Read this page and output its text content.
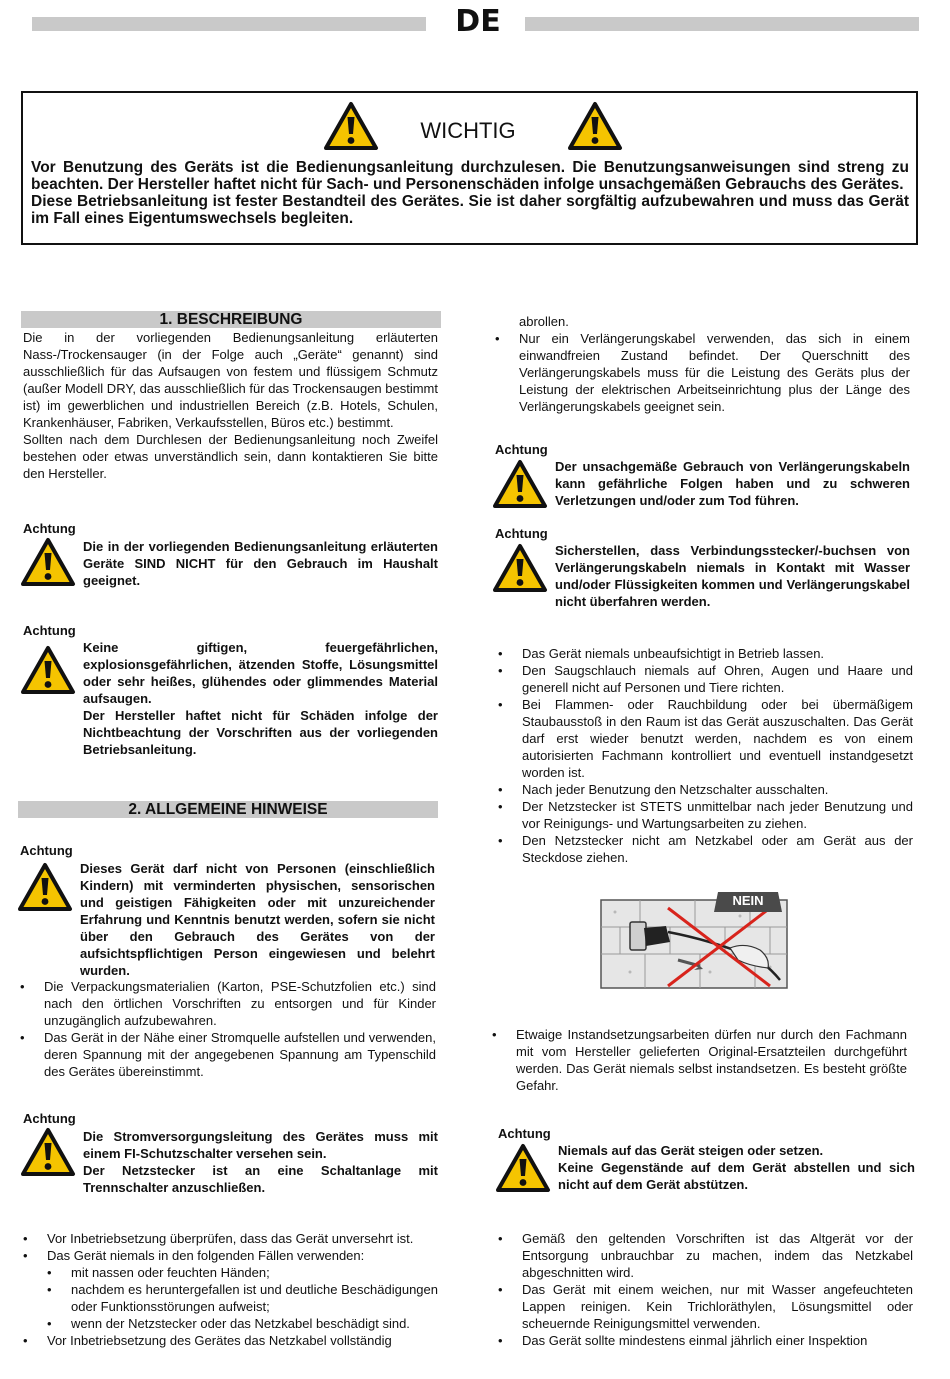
DE
WICHTIG

Vor Benutzung des Geräts ist die Bedienungsanleitung durchzulesen. Die Benutzungsanweisungen sind streng zu beachten. Der Hersteller haftet nicht für Sach- und Personenschäden infolge unsachgemäßen Gebrauchs des Gerätes.

Diese Betriebsanleitung ist fester Bestandteil des Gerätes. Sie ist daher sorgfältig aufzubewahren und muss das Gerät im Fall eines Eigentumswechsels begleiten.

1. BESCHREIBUNG

Die in der vorliegenden Bedienungsanleitung erläuterten Nass-/Trockensauger (in der Folge auch „Geräte“ genannt) sind ausschließlich für das Aufsaugen von festem und flüssigem Schmutz (außer Modell DRY, das ausschließlich für das Trockensaugen bestimmt ist) im gewerblichen und industriellen Bereich (z.B. Hotels, Schulen, Krankenhäuser, Fabriken, Verkaufsstellen, Büros etc.) bestimmt.

Sollten nach dem Durchlesen der Bedienungsanleitung noch Zweifel bestehen oder etwas unverständlich sein, dann kontaktieren Sie bitte den Hersteller.

Achtung

Die in der vorliegenden Bedienungsanleitung erläuterten Geräte SIND NICHT für den Gebrauch im Haushalt geeignet.

Achtung

Keine giftigen, feuergefährlichen, explosionsgefährlichen, ätzenden Stoffe, Lösungsmittel oder sehr heißes, glühendes oder glimmendes Material aufsaugen.

Der Hersteller haftet nicht für Schäden infolge der Nichtbeachtung der Vorschriften aus der vorliegenden Betriebsanleitung.

2. ALLGEMEINE HINWEISE
Achtung

Dieses Gerät darf nicht von Personen (einschließlich Kindern) mit verminderten physischen, sensorischen und geistigen Fähigkeiten oder mit unzureichender Erfahrung und Kenntnis benutzt werden, sofern sie nicht über den Gebrauch des Gerätes von der aufsichtspflichtigen Person eingewiesen und belehrt wurden.

• Die Verpackungsmaterialien (Karton, PSE-Schutzfolien etc.) sind nach den örtlichen Vorschriften zu entsorgen und für Kinder unzugänglich aufzubewahren.
• Das Gerät in der Nähe einer Stromquelle aufstellen und verwenden, deren Spannung mit der angegebenen Spannung am Typenschild des Gerätes übereinstimmt.
Achtung

Die Stromversorgungsleitung des Gerätes muss mit einem FI-Schutzschalter versehen sein.

Der Netzstecker ist an eine Schaltanlage mit Trennschalter anzuschließen.

• Vor Inbetriebsetzung überprüfen, dass das Gerät unversehrt ist.
• Das Gerät niemals in den folgenden Fällen verwenden:
• mit nassen oder feuchten Händen;
• nachdem es heruntergefallen ist und deutliche Beschädigungen oder Funktionsstörungen aufweist;
• wenn der Netzstecker oder das Netzkabel beschädigt sind.
• Vor Inbetriebsetzung des Gerätes das Netzkabel vollständig
abrollen.
• Nur ein Verlängerungskabel verwenden, das sich in einem einwandfreien Zustand befindet. Der Querschnitt des Verlängerungskabels muss für die Leistung des Geräts plus der Leistung der elektrischen Arbeitseinrichtung plus der Länge des Verlängerungskabels geeignet sein.
Achtung

Der unsachgemäße Gebrauch von Verlängerungskabeln kann gefährliche Folgen haben und zu schweren Verletzungen und/oder zum Tod führen.

Achtung

Sicherstellen, dass Verbindungsstecker/-buchsen von Verlängerungskabeln niemals in Kontakt mit Wasser und/oder Flüssigkeiten kommen und Verlängerungskabel nicht überfahren werden.

• Das Gerät niemals unbeaufsichtigt in Betrieb lassen.
• Den Saugschlauch niemals auf Ohren, Augen und Haare und generell nicht auf Personen und Tiere richten.
• Bei Flammen- oder Rauchbildung oder bei übermäßigem Staubausstoß in den Raum ist das Gerät auszuschalten. Das Gerät darf erst wieder benutzt werden, nachdem es von einem autorisierten Fachmann kontrolliert und eventuell instandgesetzt worden ist.
• Nach jeder Benutzung den Netzschalter ausschalten.
• Der Netzstecker ist STETS unmittelbar nach jeder Benutzung und vor Reinigungs- und Wartungsarbeiten zu ziehen.
• Den Netzstecker nicht am Netzkabel oder am Gerät aus der Steckdose ziehen.
NEIN
• Etwaige Instandsetzungsarbeiten dürfen nur durch den Fachmann mit vom Hersteller gelieferten Original-Ersatzteilen durchgeführt werden. Das Gerät niemals selbst instandsetzen. Es besteht größte Gefahr.
Achtung

Niemals auf das Gerät steigen oder setzen.

Keine Gegenstände auf dem Gerät abstellen und sich nicht auf dem Gerät abstützen.

• Gemäß den geltenden Vorschriften ist das Altgerät vor der Entsorgung unbrauchbar zu machen, indem das Netzkabel abgeschnitten wird.
• Das Gerät mit einem weichen, nur mit Wasser angefeuchteten Lappen reinigen. Kein Trichloräthylen, Lösungsmittel oder scheuernde Reinigungsmittel verwenden.
• Das Gerät sollte mindestens einmal jährlich einer Inspektion
